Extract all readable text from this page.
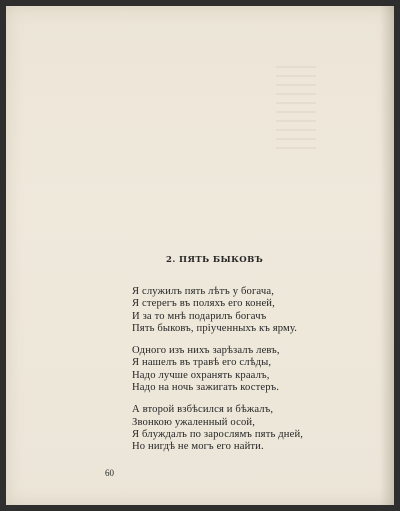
2. ПЯТЬ БЫКОВЪ
Я служилъ пять лѣтъ у богача,
Я стерегъ въ поляхъ его коней,
И за то мнѣ подарилъ богачъ
Пять быковъ, пріученныхъ къ ярму.
Одного изъ нихъ зарѣзалъ левъ,
Я нашелъ въ травѣ его слѣды,
Надо лучше охранять краалъ,
Надо на ночь зажигать костеръ.
А второй взбѣсился и бѣжалъ,
Звонкою ужаленный осой,
Я блуждалъ по зарослямъ пять дней,
Но нигдѣ не могъ его найти.
60
